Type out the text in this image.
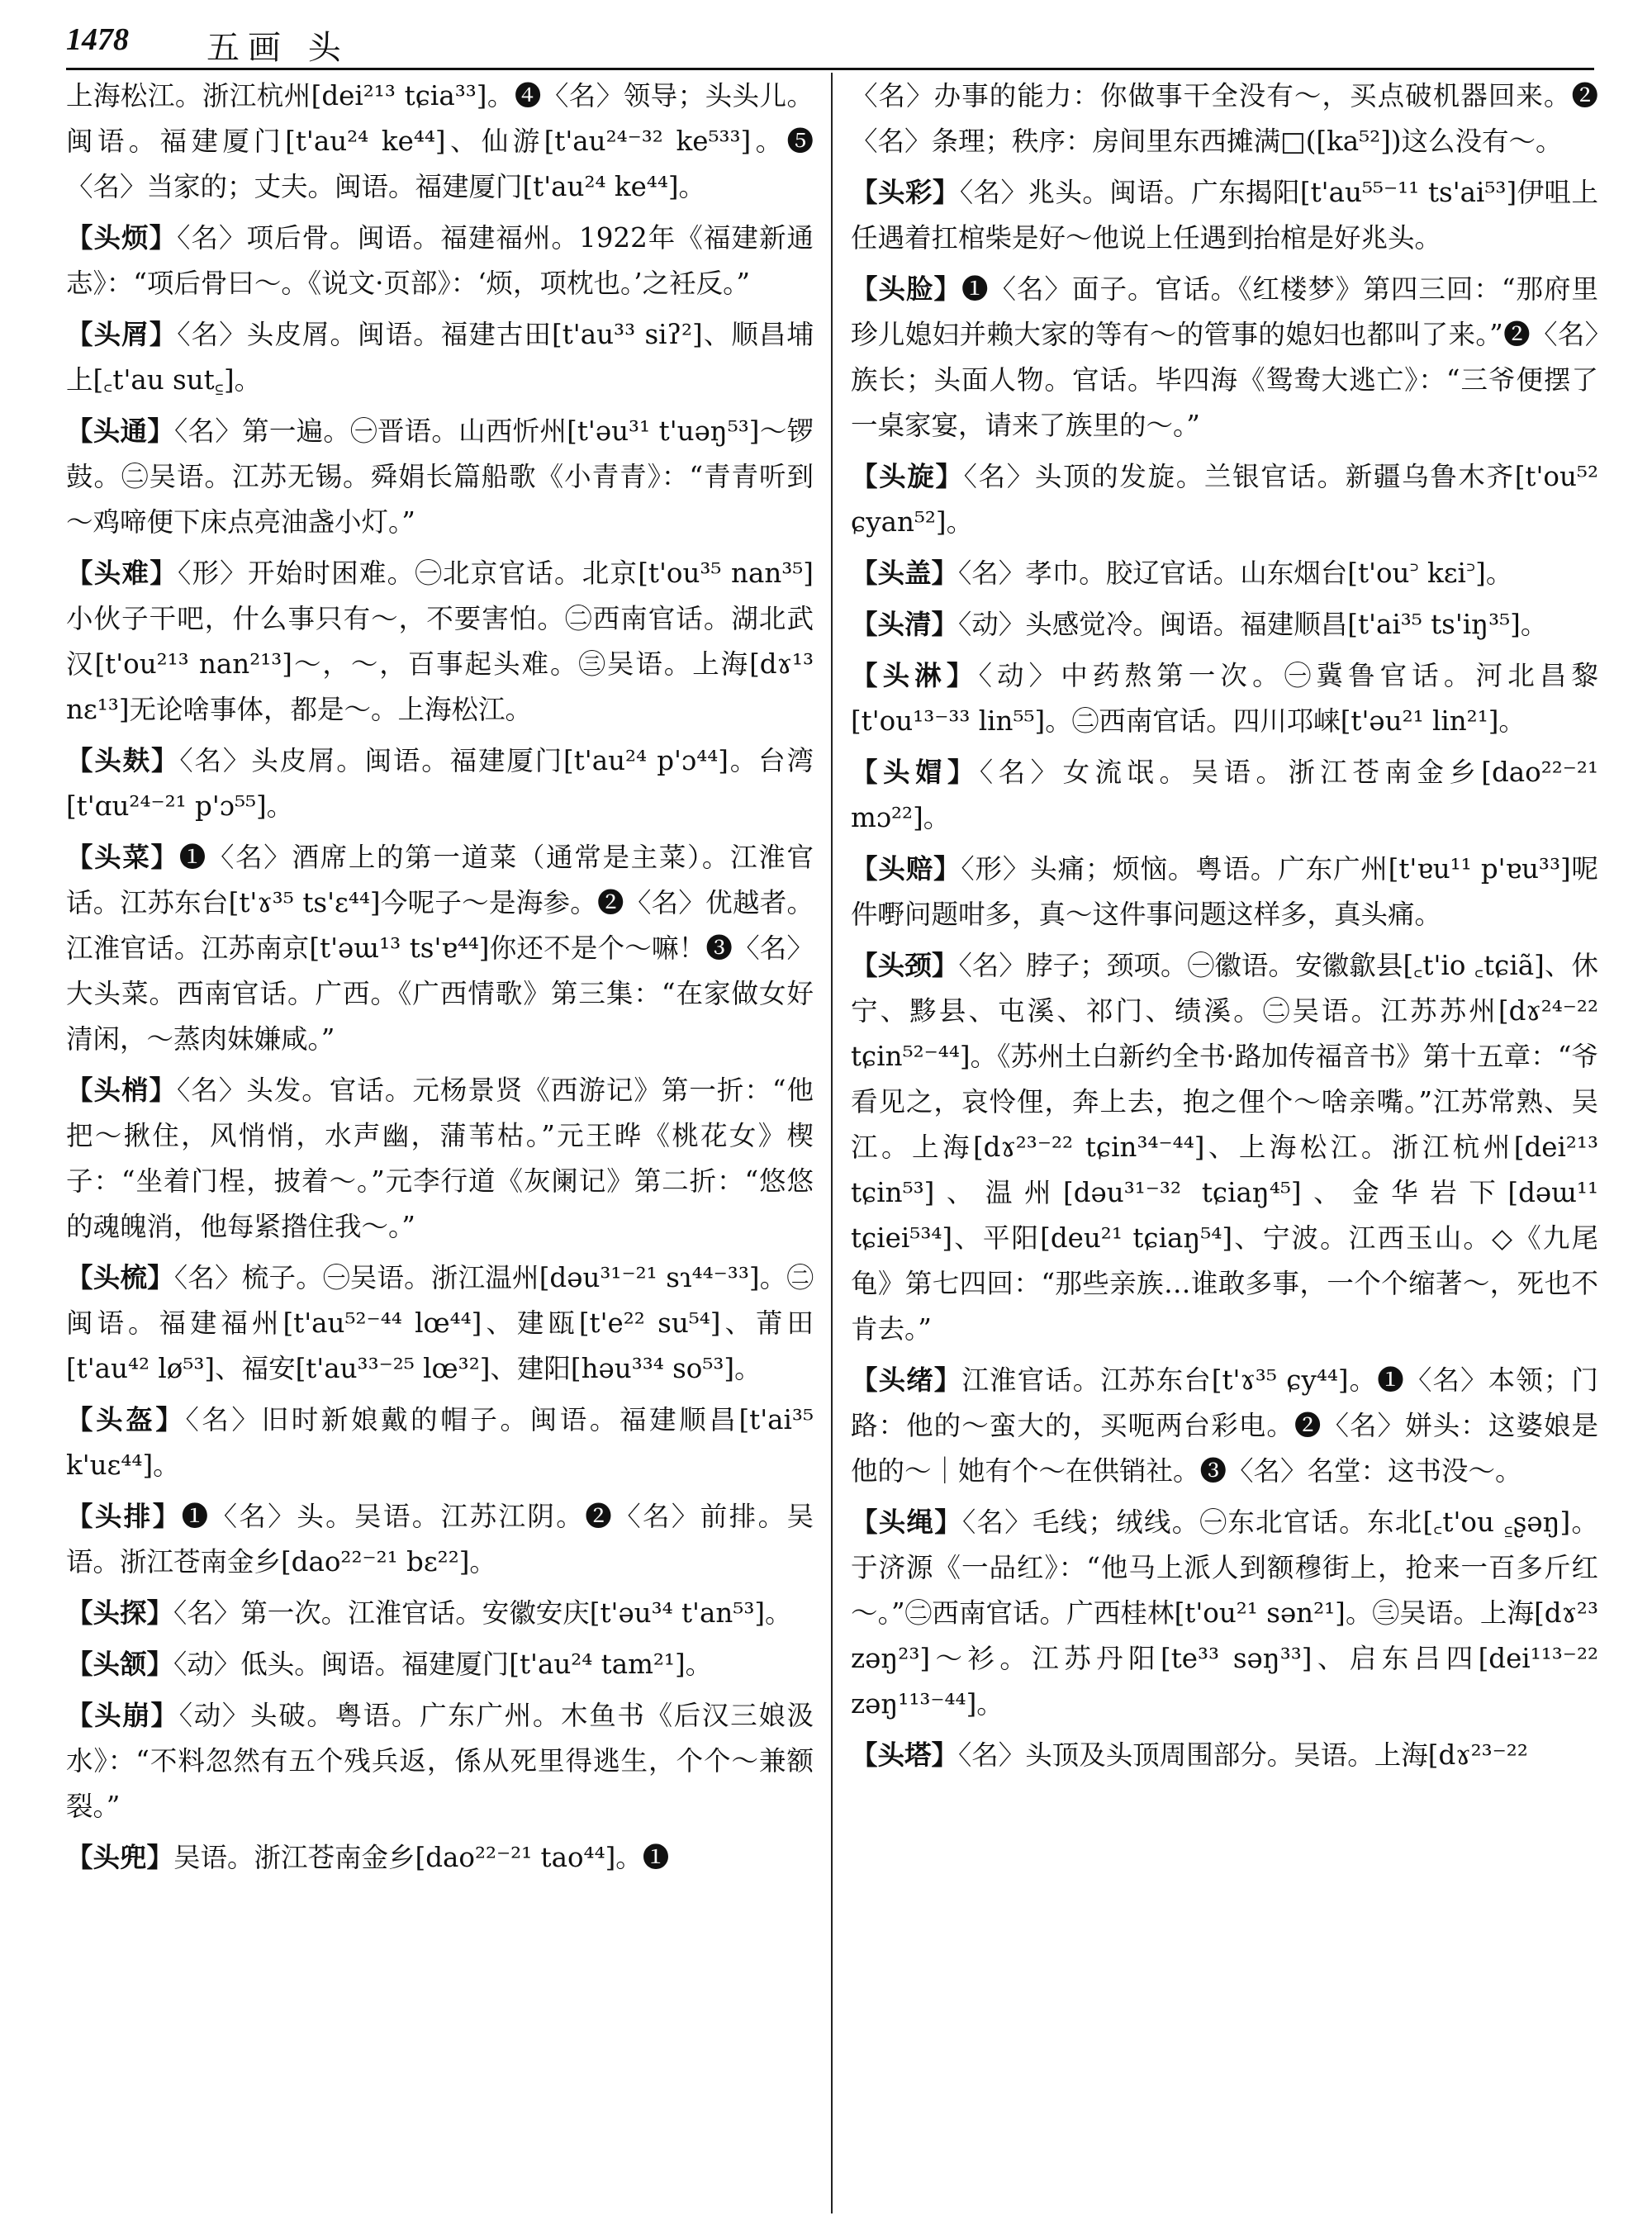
1478 五画 头

上海松江。浙江杭州[dei²¹³ tɕia³³]。❹〈名〉领导；头头儿。闽语。福建厦门[t'au²⁴ ke⁴⁴]、仙游[t'au²⁴⁻³² ke⁵³³]。❺〈名〉当家的；丈夫。闽语。福建厦门[t'au²⁴ ke⁴⁴]。

【头烦】〈名〉项后骨。闽语。福建福州。1922年《福建新通志》：“项后骨曰～。《说文·页部》：‘烦，项枕也。’之衽反。”

【头屑】〈名〉头皮屑。闽语。福建古田[t'au³³ siʔ²]、顺昌埔上[꜀t'au sut꜁]。

【头通】〈名〉第一遍。㊀晋语。山西忻州[t'əu³¹ t'uəŋ⁵³]～锣鼓。㊁吴语。江苏无锡。舜娟长篇船歌《小青青》：“青青听到～鸡啼便下床点亮油盏小灯。”

【头难】〈形〉开始时困难。㊀北京官话。北京[t'ou³⁵ nan³⁵]小伙子干吧，什么事只有～，不要害怕。㊁西南官话。湖北武汉[t'ou²¹³ nan²¹³]～，～，百事起头难。㊂吴语。上海[dɤ¹³ nɛ¹³]无论啥事体，都是～。上海松江。

【头麸】〈名〉头皮屑。闽语。福建厦门[t'au²⁴ p'ɔ⁴⁴]。台湾[t'ɑu²⁴⁻²¹ p'ɔ⁵⁵]。

【头菜】❶〈名〉酒席上的第一道菜（通常是主菜）。江淮官话。江苏东台[t'ɤ³⁵ ts'ɛ⁴⁴]今呢子～是海参。❷〈名〉优越者。江淮官话。江苏南京[t'əɯ¹³ ts'ɐ⁴⁴]你还不是个～嘛！❸〈名〉大头菜。西南官话。广西。《广西情歌》第三集：“在家做女好清闲，～蒸肉妹嫌咸。”

【头梢】〈名〉头发。官话。元杨景贤《西游记》第一折：“他把～揪住，风悄悄，水声幽，蒲苇枯。”元王晔《桃花女》楔子：“坐着门桯，披着～。”元李行道《灰阑记》第二折：“悠悠的魂魄消，他每紧揝住我～。”

【头梳】〈名〉梳子。㊀吴语。浙江温州[dəu³¹⁻²¹ sɿ⁴⁴⁻³³]。㊁闽语。福建福州[t'au⁵²⁻⁴⁴ lœ⁴⁴]、建瓯[t'e²² su⁵⁴]、莆田[t'au⁴² lø⁵³]、福安[t'au³³⁻²⁵ lœ³²]、建阳[həu³³⁴ so⁵³]。

【头盔】〈名〉旧时新娘戴的帽子。闽语。福建顺昌[t'ai³⁵ k'uɛ⁴⁴]。

【头排】❶〈名〉头。吴语。江苏江阴。❷〈名〉前排。吴语。浙江苍南金乡[dao²²⁻²¹ bɛ²²]。

【头探】〈名〉第一次。江淮官话。安徽安庆[t'əu³⁴ t'an⁵³]。

【头颔】〈动〉低头。闽语。福建厦门[t'au²⁴ tam²¹]。

【头崩】〈动〉头破。粤语。广东广州。木鱼书《后汉三娘汲水》：“不料忽然有五个残兵返，係从死里得逃生，个个～兼额裂。”

【头兜】吴语。浙江苍南金乡[dao²²⁻²¹ tao⁴⁴]。❶

〈名〉办事的能力：你做事干全没有～，买点破机器回来。❷〈名〉条理；秩序：房间里东西摊满□([ka⁵²])这么没有～。

【头彩】〈名〉兆头。闽语。广东揭阳[t'au⁵⁵⁻¹¹ ts'ai⁵³]伊咀上任遇着扛棺柴是好～他说上任遇到抬棺是好兆头。

【头脸】❶〈名〉面子。官话。《红楼梦》第四三回：“那府里珍儿媳妇并赖大家的等有～的管事的媳妇也都叫了来。”❷〈名〉族长；头面人物。官话。毕四海《鸳鸯大逃亡》：“三爷便摆了一桌家宴，请来了族里的～。”

【头旋】〈名〉头顶的发旋。兰银官话。新疆乌鲁木齐[t'ou⁵² ɕyan⁵²]。

【头盖】〈名〉孝巾。胶辽官话。山东烟台[t'ou꜄ kɛi꜄]。

【头清】〈动〉头感觉冷。闽语。福建顺昌[t'ai³⁵ ts'iŋ³⁵]。

【头淋】〈动〉中药熬第一次。㊀冀鲁官话。河北昌黎[t'ou¹³⁻³³ lin⁵⁵]。㊁西南官话。四川邛崃[t'əu²¹ lin²¹]。

【头媢】〈名〉女流氓。吴语。浙江苍南金乡[dao²²⁻²¹ mɔ²²]。

【头赔】〈形〉头痛；烦恼。粤语。广东广州[t'ɐu¹¹ p'ɐu³³]呢件嘢问题咁多，真～这件事问题这样多，真头痛。

【头颈】〈名〉脖子；颈项。㊀徽语。安徽歙县[꜀t'io ꜀tɕiã]、休宁、黟县、屯溪、祁门、绩溪。㊁吴语。江苏苏州[dɤ²⁴⁻²² tɕin⁵²⁻⁴⁴]。《苏州土白新约全书·路加传福音书》第十五章：“爷看见之，哀怜俚，奔上去，抱之俚个～啥亲嘴。”江苏常熟、吴江。上海[dɤ²³⁻²² tɕin³⁴⁻⁴⁴]、上海松江。浙江杭州[dei²¹³ tɕin⁵³]、温州[dəu³¹⁻³² tɕiaŋ⁴⁵]、金华岩下[dəɯ¹¹ tɕiei⁵³⁴]、平阳[deu²¹ tɕiaŋ⁵⁴]、宁波。江西玉山。◇《九尾龟》第七四回：“那些亲族…谁敢多事，一个个缩著～，死也不肯去。”

【头绪】江淮官话。江苏东台[t'ɤ³⁵ ɕy⁴⁴]。❶〈名〉本领；门路：他的～蛮大的，买呃两台彩电。❷〈名〉姘头：这婆娘是他的～｜她有个～在供销社。❸〈名〉名堂：这书没～。

【头绳】〈名〉毛线；绒线。㊀东北官话。东北[꜀t'ou ꜁ʂəŋ]。于济源《一品红》：“他马上派人到额穆街上，抢来一百多斤红～。”㊁西南官话。广西桂林[t'ou²¹ sən²¹]。㊂吴语。上海[dɤ²³ zəŋ²³]～衫。江苏丹阳[te³³ səŋ³³]、启东吕四[dei¹¹³⁻²² zəŋ¹¹³⁻⁴⁴]。

【头塔】〈名〉头顶及头顶周围部分。吴语。上海[dɤ²³⁻²²
